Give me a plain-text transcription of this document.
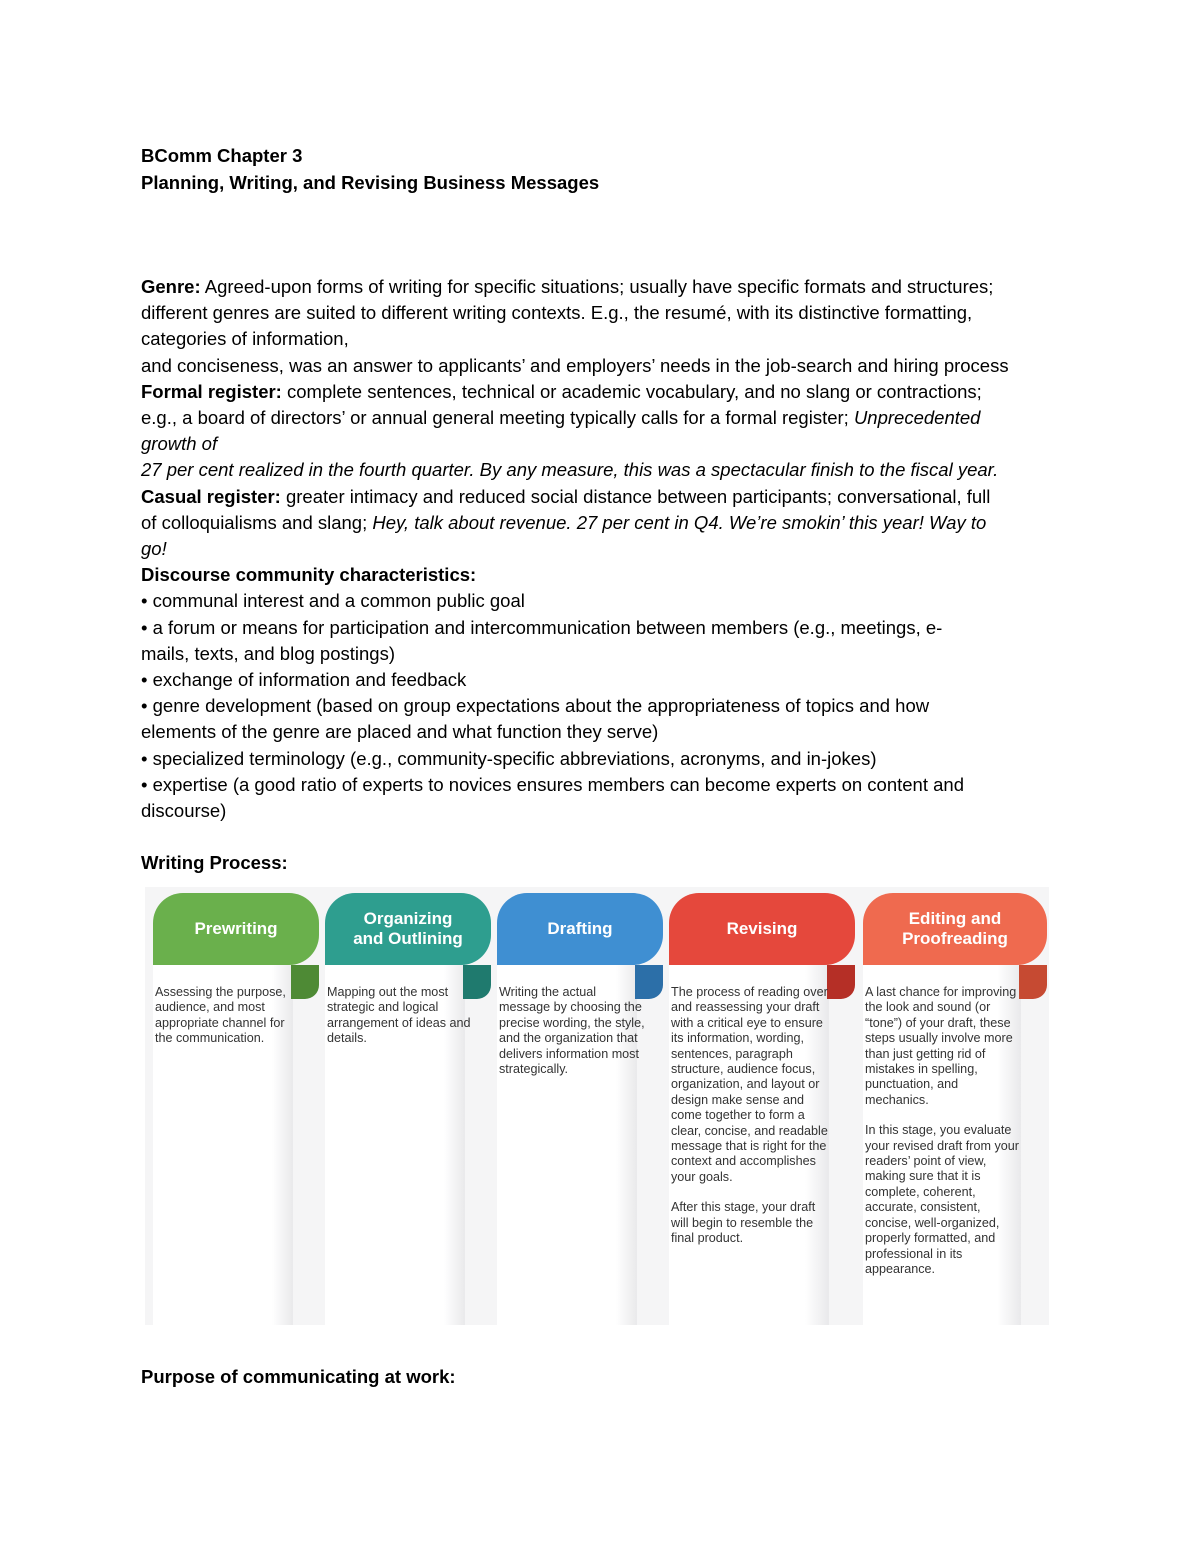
BComm Chapter 3
Planning, Writing, and Revising Business Messages
Genre: Agreed-upon forms of writing for specific situations; usually have specific formats and structures;
different genres are suited to different writing contexts. E.g., the resumé, with its distinctive formatting,
categories of information,
and conciseness, was an answer to applicants’ and employers’ needs in the job-search and hiring process
Formal register: complete sentences, technical or academic vocabulary, and no slang or contractions;
e.g., a board of directors’ or annual general meeting typically calls for a formal register; Unprecedented
growth of
27 per cent realized in the fourth quarter. By any measure, this was a spectacular finish to the fiscal year.
Casual register: greater intimacy and reduced social distance between participants; conversational, full
of colloquialisms and slang; Hey, talk about revenue. 27 per cent in Q4. We’re smokin’ this year! Way to
go!
Discourse community characteristics:
• communal interest and a common public goal
• a forum or means for participation and intercommunication between members (e.g., meetings, e-
mails, texts, and blog postings)
• exchange of information and feedback
• genre development (based on group expectations about the appropriateness of topics and how
elements of the genre are placed and what function they serve)
• specialized terminology (e.g., community-specific abbreviations, acronyms, and in-jokes)
• expertise (a good ratio of experts to novices ensures members can become experts on content and
discourse)
Writing Process:
Prewriting

Assessing the purpose, audience, and most appropriate channel for the communication.

Organizing and Outlining

Mapping out the most strategic and logical arrangement of ideas and details.

Drafting

Writing the actual message by choosing the precise wording, the style, and the organization that delivers information most strategically.

Revising

The process of reading over and reassessing your draft with a critical eye to ensure its information, wording, sentences, paragraph structure, audience focus, organization, and layout or design make sense and come together to form a clear, concise, and readable message that is right for the context and accomplishes your goals.

After this stage, your draft will begin to resemble the final product.

Editing and Proofreading

A last chance for improving the look and sound (or “tone”) of your draft, these steps usually involve more than just getting rid of mistakes in spelling, punctuation, and mechanics.

In this stage, you evaluate your revised draft from your readers’ point of view, making sure that it is complete, coherent, accurate, consistent, concise, well-organized, properly formatted, and professional in its appearance.

Purpose of communicating at work:
